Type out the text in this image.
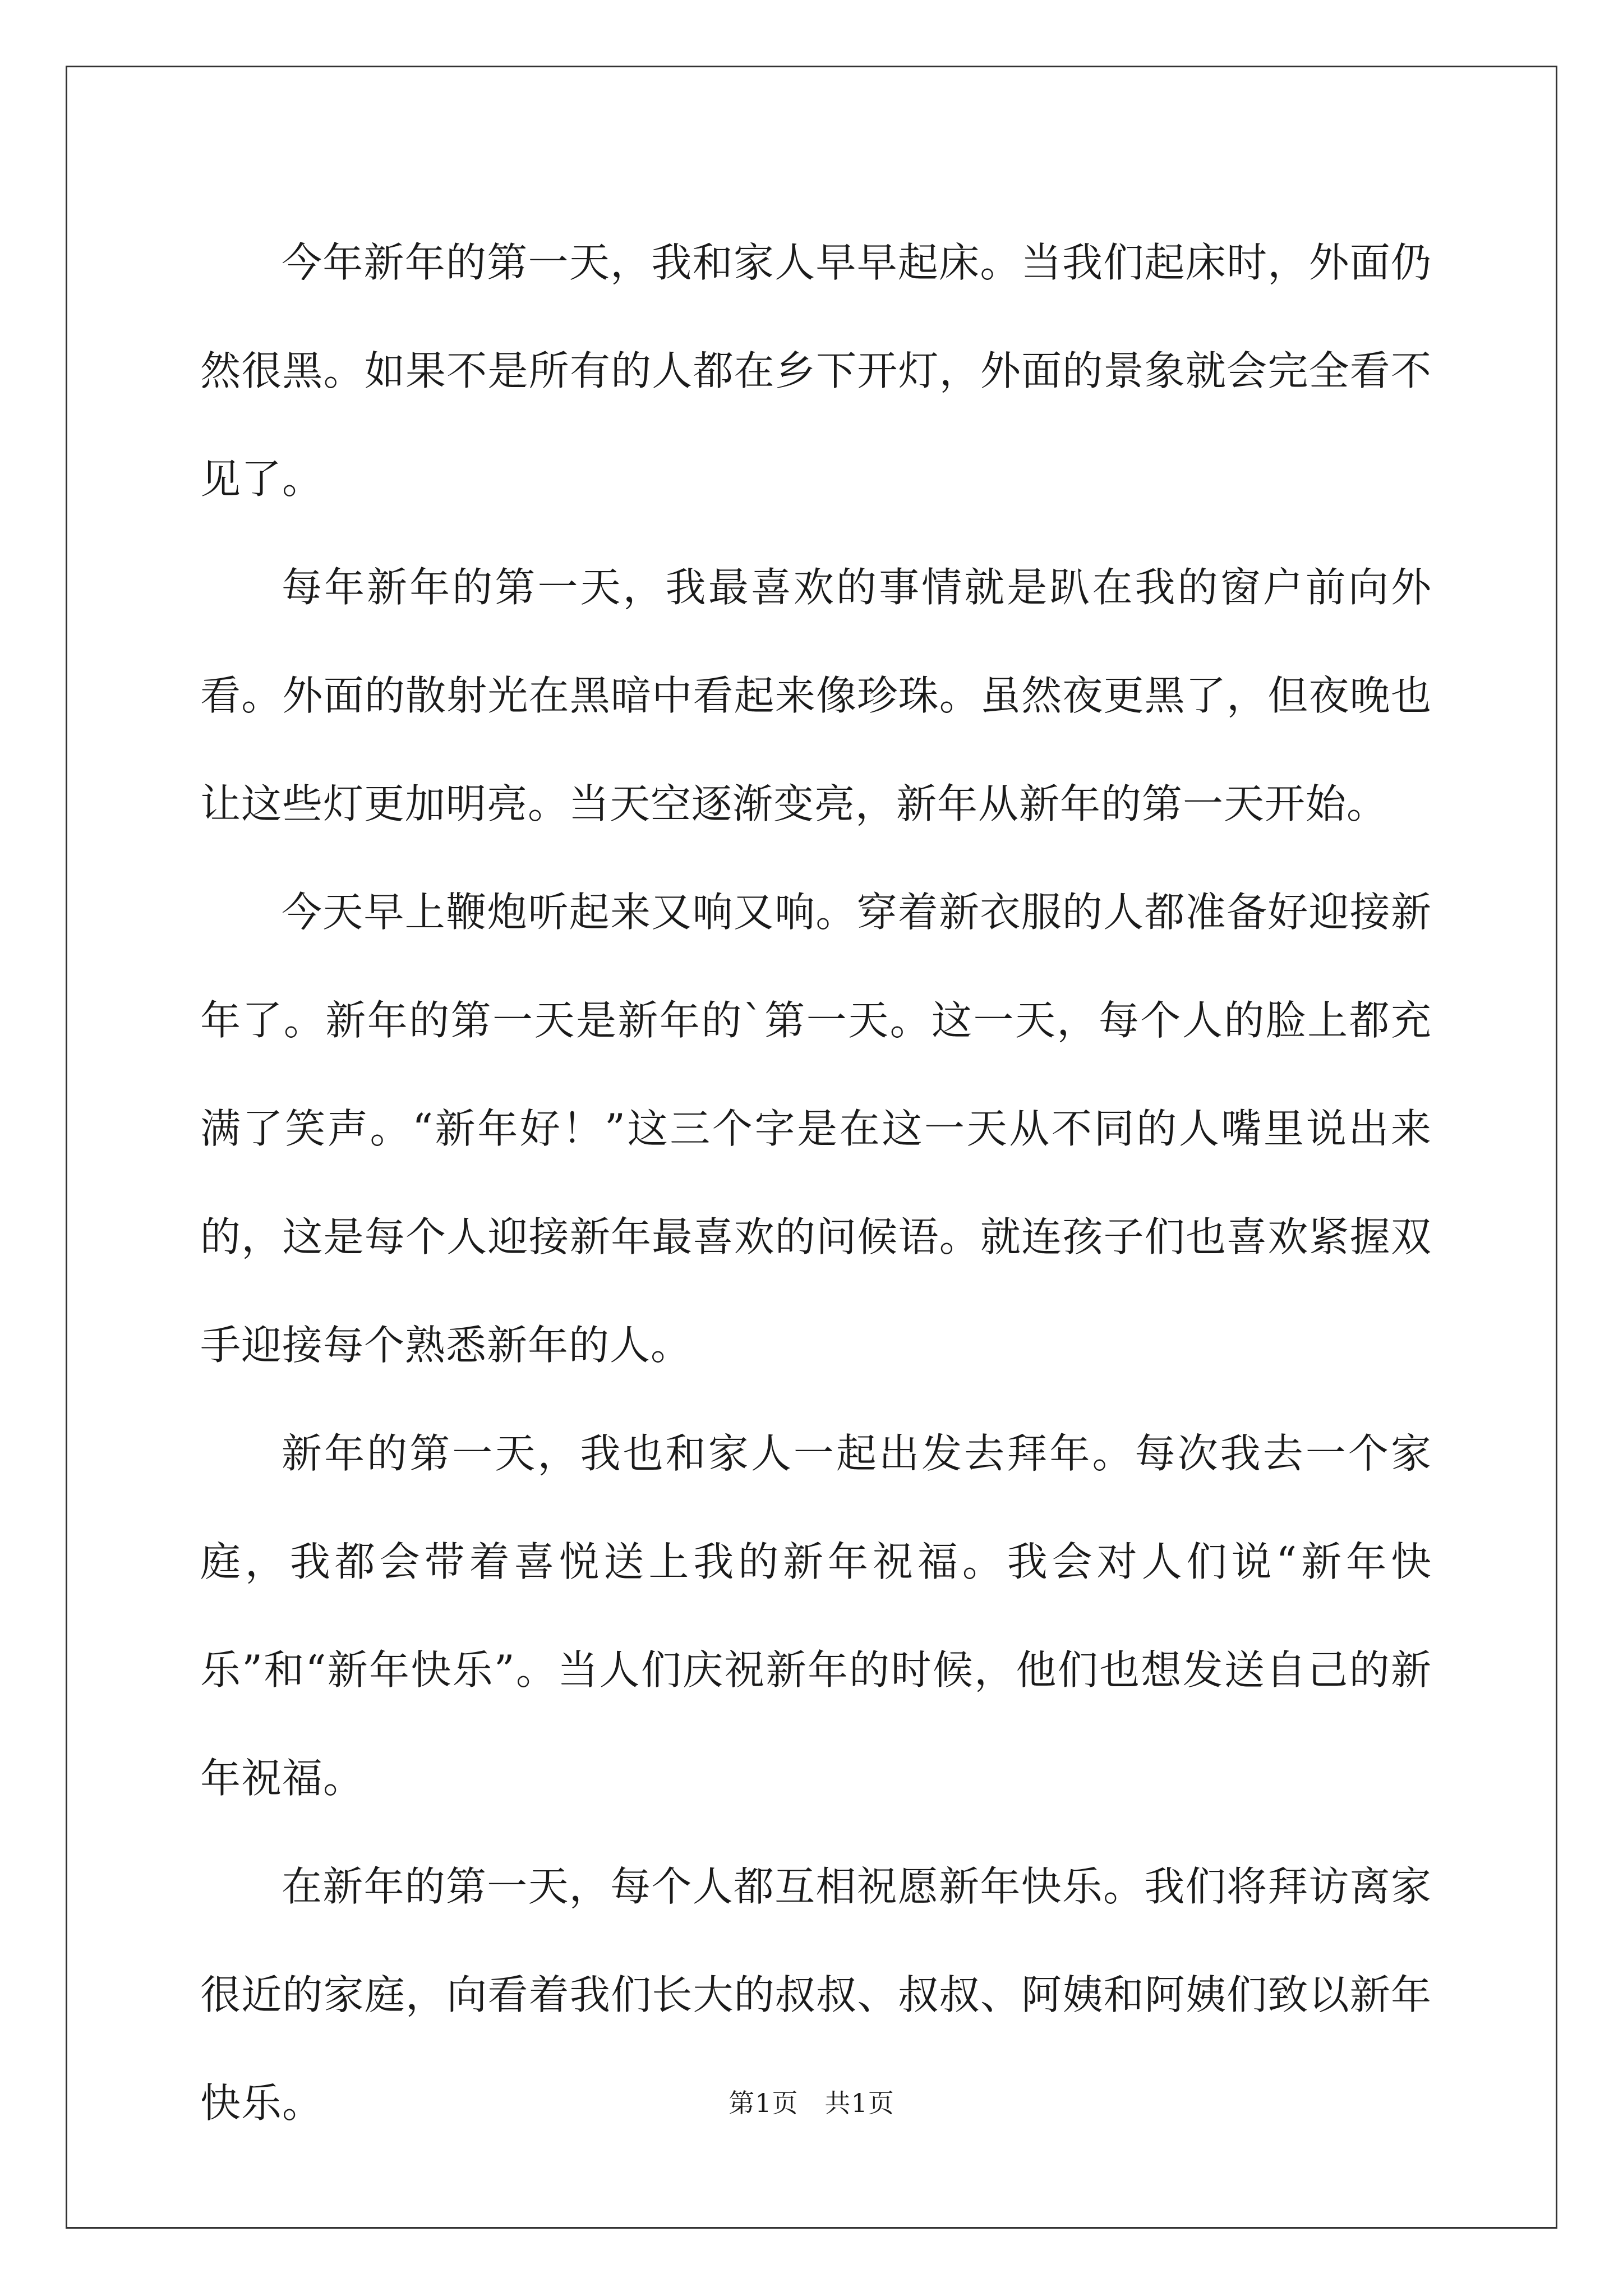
今年新年的第一天，我和家人早早起床。当我们起床时，外面仍然很黑。如果不是所有的人都在乡下开灯，外面的景象就会完全看不见了。

每年新年的第一天，我最喜欢的事情就是趴在我的窗户前向外看。外面的散射光在黑暗中看起来像珍珠。虽然夜更黑了，但夜晚也让这些灯更加明亮。当天空逐渐变亮，新年从新年的第一天开始。

今天早上鞭炮听起来又响又响。穿着新衣服的人都准备好迎接新年了。新年的第一天是新年的`第一天。这一天，每个人的脸上都充满了笑声。“新年好！”这三个字是在这一天从不同的人嘴里说出来的，这是每个人迎接新年最喜欢的问候语。就连孩子们也喜欢紧握双手迎接每个熟悉新年的人。

新年的第一天，我也和家人一起出发去拜年。每次我去一个家庭，我都会带着喜悦送上我的新年祝福。我会对人们说“新年快乐”和“新年快乐”。当人们庆祝新年的时候，他们也想发送自己的新年祝福。

在新年的第一天，每个人都互相祝愿新年快乐。我们将拜访离家很近的家庭，向看着我们长大的叔叔、叔叔、阿姨和阿姨们致以新年快乐。	第1页　共1页
